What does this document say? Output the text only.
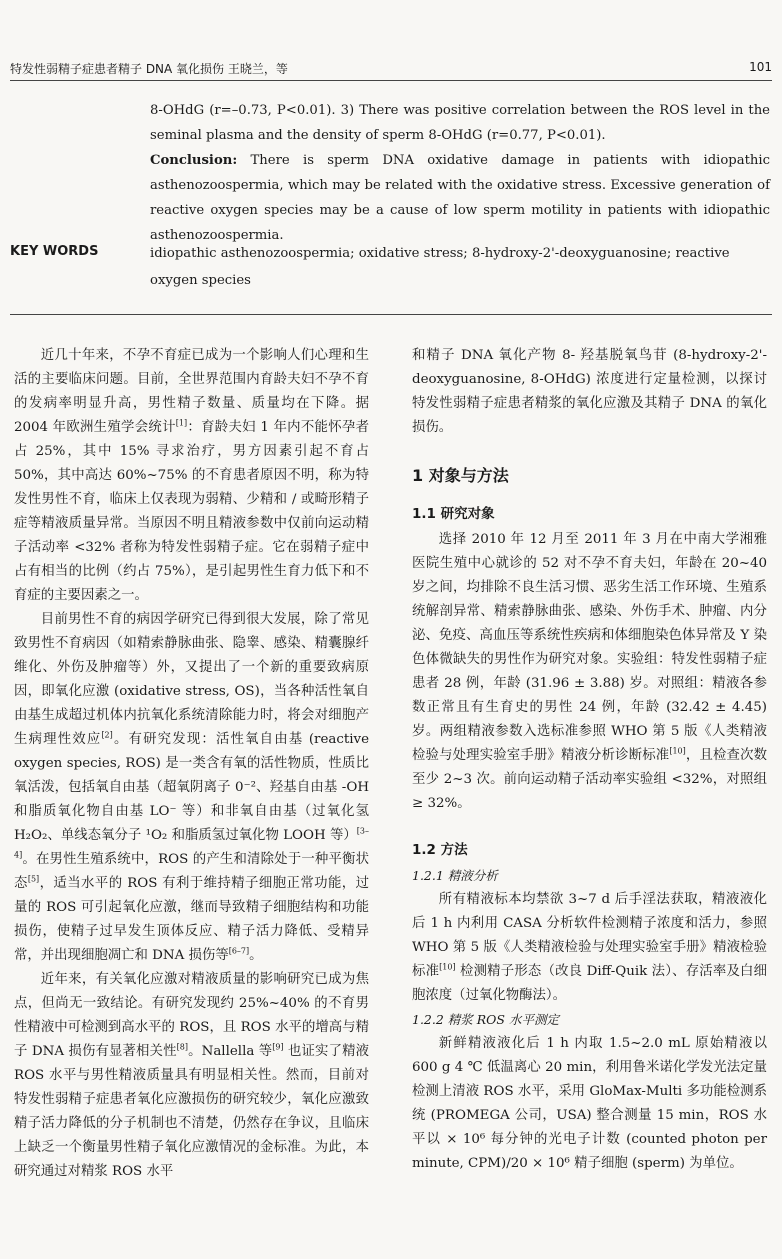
特发性弱精子症患者精子 DNA 氧化损伤 王晓兰，等	101

8-OHdG (r=–0.73, P<0.01). 3) There was positive correlation between the ROS level in the seminal plasma and the density of sperm 8-OHdG (r=0.77, P<0.01).

Conclusion: There is sperm DNA oxidative damage in patients with idiopathic asthenozoospermia, which may be related with the oxidative stress. Excessive generation of reactive oxygen species may be a cause of low sperm motility in patients with idiopathic asthenozoospermia.

KEY WORDS	idiopathic asthenozoospermia; oxidative stress; 8-hydroxy-2'-deoxyguanosine; reactive oxygen species

近几十年来，不孕不育症已成为一个影响人们心理和生活的主要临床问题。目前，全世界范围内育龄夫妇不孕不育的发病率明显升高，男性精子数量、质量均在下降。据 2004 年欧洲生殖学会统计[1]：育龄夫妇 1 年内不能怀孕者占 25%，其中 15% 寻求治疗，男方因素引起不育占 50%，其中高达 60%~75% 的不育患者原因不明，称为特发性男性不育，临床上仅表现为弱精、少精和 / 或畸形精子症等精液质量异常。当原因不明且精液参数中仅前向运动精子活动率 <32% 者称为特发性弱精子症。它在弱精子症中占有相当的比例（约占 75%），是引起男性生育力低下和不育症的主要因素之一。

目前男性不育的病因学研究已得到很大发展，除了常见致男性不育病因（如精索静脉曲张、隐睾、感染、精囊腺纤维化、外伤及肿瘤等）外，又提出了一个新的重要致病原因，即氧化应激 (oxidative stress, OS)，当各种活性氧自由基生成超过机体内抗氧化系统清除能力时，将会对细胞产生病理性效应[2]。有研究发现：活性氧自由基 (reactive oxygen species, ROS) 是一类含有氧的活性物质，性质比氧活泼，包括氧自由基（超氧阴离子 0⁻²、羟基自由基 -OH 和脂质氧化物自由基 LO⁻ 等）和非氧自由基（过氧化氢 H₂O₂、单线态氧分子 ¹O₂ 和脂质氢过氧化物 LOOH 等）[3–4]。在男性生殖系统中，ROS 的产生和清除处于一种平衡状态[5]，适当水平的 ROS 有利于维持精子细胞正常功能，过量的 ROS 可引起氧化应激，继而导致精子细胞结构和功能损伤，使精子过早发生顶体反应、精子活力降低、受精异常，并出现细胞凋亡和 DNA 损伤等[6–7]。

近年来，有关氧化应激对精液质量的影响研究已成为焦点，但尚无一致结论。有研究发现约 25%~40% 的不育男性精液中可检测到高水平的 ROS，且 ROS 水平的增高与精子 DNA 损伤有显著相关性[8]。Nallella 等[9] 也证实了精液 ROS 水平与男性精液质量具有明显相关性。然而，目前对特发性弱精子症患者氧化应激损伤的研究较少，氧化应激致精子活力降低的分子机制也不清楚，仍然存在争议，且临床上缺乏一个衡量男性精子氧化应激情况的金标准。为此，本研究通过对精浆 ROS 水平

和精子 DNA 氧化产物 8- 羟基脱氧鸟苷 (8-hydroxy-2'-deoxyguanosine, 8-OHdG) 浓度进行定量检测，以探讨特发性弱精子症患者精浆的氧化应激及其精子 DNA 的氧化损伤。

1 对象与方法
1.1 研究对象

选择 2010 年 12 月至 2011 年 3 月在中南大学湘雅医院生殖中心就诊的 52 对不孕不育夫妇，年龄在 20~40 岁之间，均排除不良生活习惯、恶劣生活工作环境、生殖系统解剖异常、精索静脉曲张、感染、外伤手术、肿瘤、内分泌、免疫、高血压等系统性疾病和体细胞染色体异常及 Y 染色体微缺失的男性作为研究对象。实验组：特发性弱精子症患者 28 例，年龄 (31.96 ± 3.88) 岁。对照组：精液各参数正常且有生育史的男性 24 例，年龄 (32.42 ± 4.45) 岁。两组精液参数入选标准参照 WHO 第 5 版《人类精液检验与处理实验室手册》精液分析诊断标准[10]，且检查次数至少 2~3 次。前向运动精子活动率实验组 <32%，对照组 ≥ 32%。

1.2 方法
1.2.1 精液分析

所有精液标本均禁欲 3~7 d 后手淫法获取，精液液化后 1 h 内利用 CASA 分析软件检测精子浓度和活力，参照 WHO 第 5 版《人类精液检验与处理实验室手册》精液检验标准[10] 检测精子形态（改良 Diff-Quik 法）、存活率及白细胞浓度（过氧化物酶法）。

1.2.2 精浆 ROS 水平测定

新鲜精液液化后 1 h 内取 1.5~2.0 mL 原始精液以 600 g 4 ℃ 低温离心 20 min，利用鲁米诺化学发光法定量检测上清液 ROS 水平，采用 GloMax-Multi 多功能检测系统 (PROMEGA 公司，USA) 整合测量 15 min，ROS 水平以 × 10⁶ 每分钟的光电子计数 (counted photon per minute, CPM)/20 × 10⁶ 精子细胞 (sperm) 为单位。
